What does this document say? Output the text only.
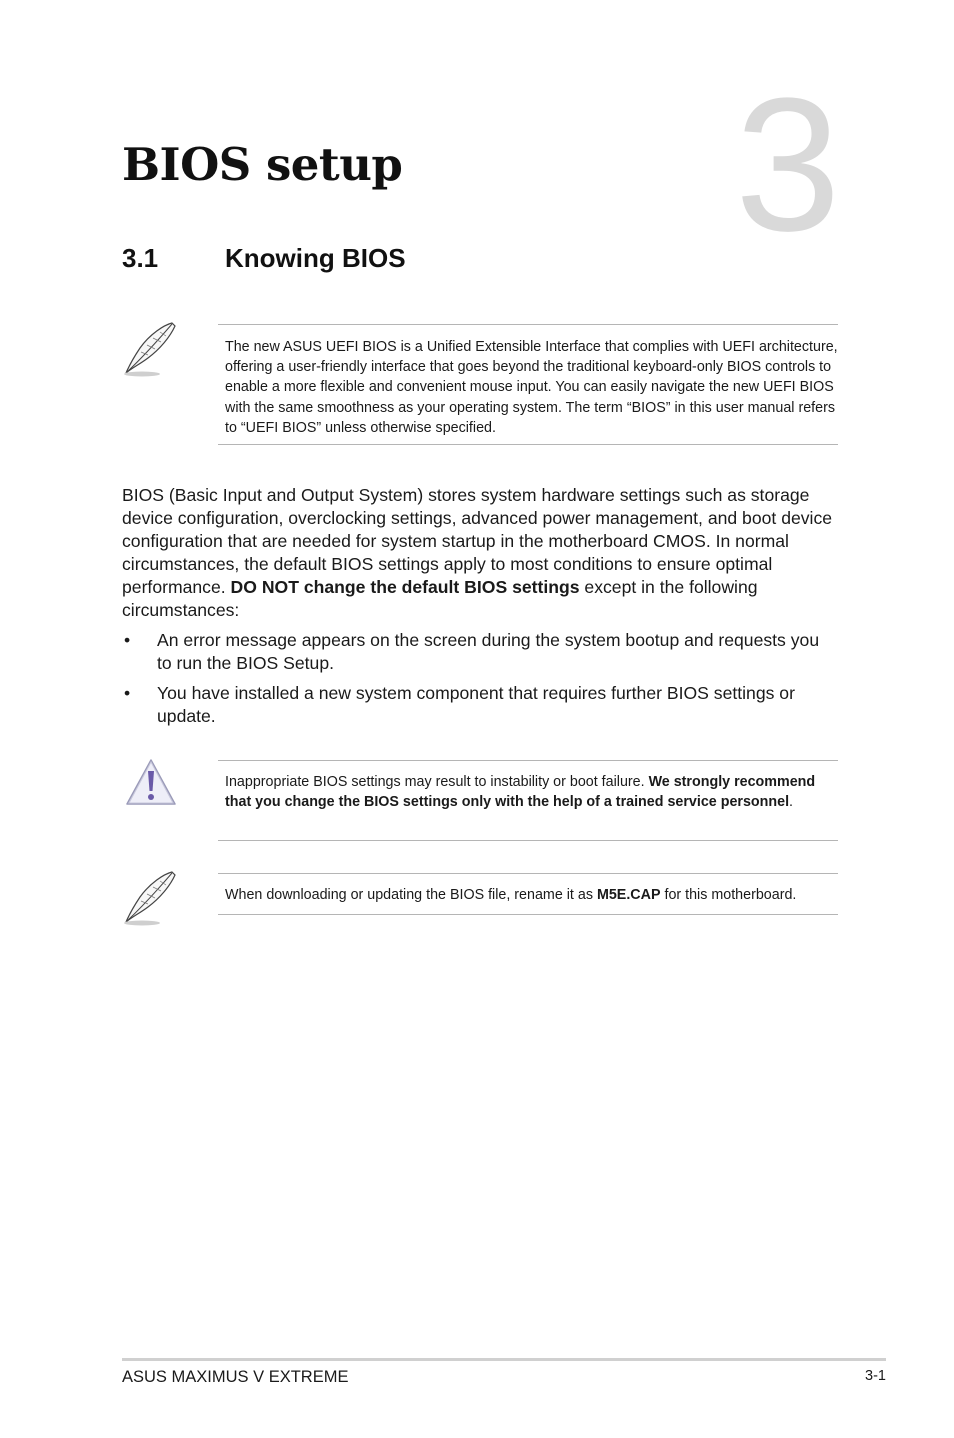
3
BIOS setup
3.1	Knowing BIOS

The new ASUS UEFI BIOS is a Unified Extensible Interface that complies with UEFI architecture, offering a user-friendly interface that goes beyond the traditional keyboard-only BIOS controls to enable a more flexible and convenient mouse input. You can easily navigate the new UEFI BIOS with the same smoothness as your operating system. The term “BIOS” in this user manual refers to “UEFI BIOS” unless otherwise specified.

BIOS (Basic Input and Output System) stores system hardware settings such as storage device configuration, overclocking settings, advanced power management, and boot device configuration that are needed for system startup in the motherboard CMOS. In normal circumstances, the default BIOS settings apply to most conditions to ensure optimal performance. DO NOT change the default BIOS settings except in the following circumstances:

• An error message appears on the screen during the system bootup and requests you to run the BIOS Setup.
• You have installed a new system component that requires further BIOS settings or update.

Inappropriate BIOS settings may result to instability or boot failure. We strongly recommend that you change the BIOS settings only with the help of a trained service personnel.

When downloading or updating the BIOS file, rename it as M5E.CAP for this motherboard.

ASUS MAXIMUS V EXTREME	3-1
